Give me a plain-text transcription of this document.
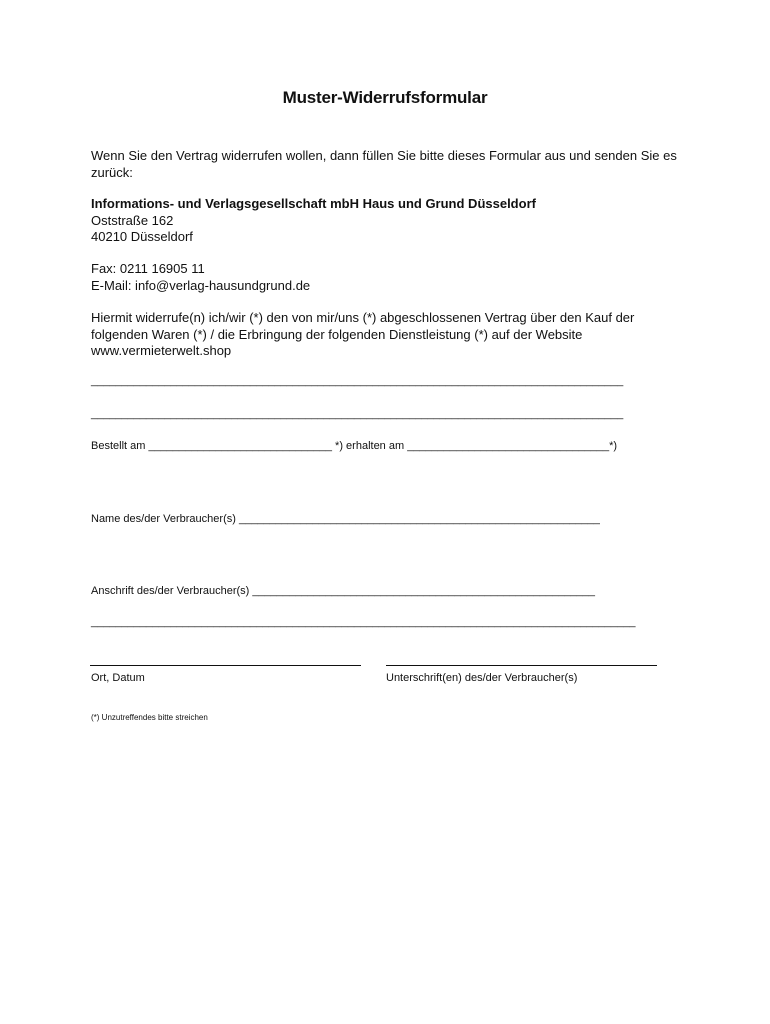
Muster-Widerrufsformular
Wenn Sie den Vertrag widerrufen wollen, dann füllen Sie bitte dieses Formular aus und senden Sie es zurück:
Informations- und Verlagsgesellschaft mbH Haus und Grund Düsseldorf
Oststraße 162
40210 Düsseldorf
Fax: 0211 16905 11
E-Mail: info@verlag-hausundgrund.de
Hiermit widerrufe(n) ich/wir (*) den von mir/uns (*) abgeschlossenen Vertrag über den Kauf der folgenden Waren (*) / die Erbringung der folgenden Dienstleistung (*) auf der Website www.vermieterwelt.shop
_______________________________________________________________________________________
_______________________________________________________________________________________
Bestellt am ______________________________ *) erhalten am _________________________________*)
Name des/der Verbraucher(s) ___________________________________________________________
Anschrift des/der Verbraucher(s) ________________________________________________________
_________________________________________________________________________________________
Ort, Datum	Unterschrift(en) des/der Verbraucher(s)
(*) Unzutreffendes bitte streichen
